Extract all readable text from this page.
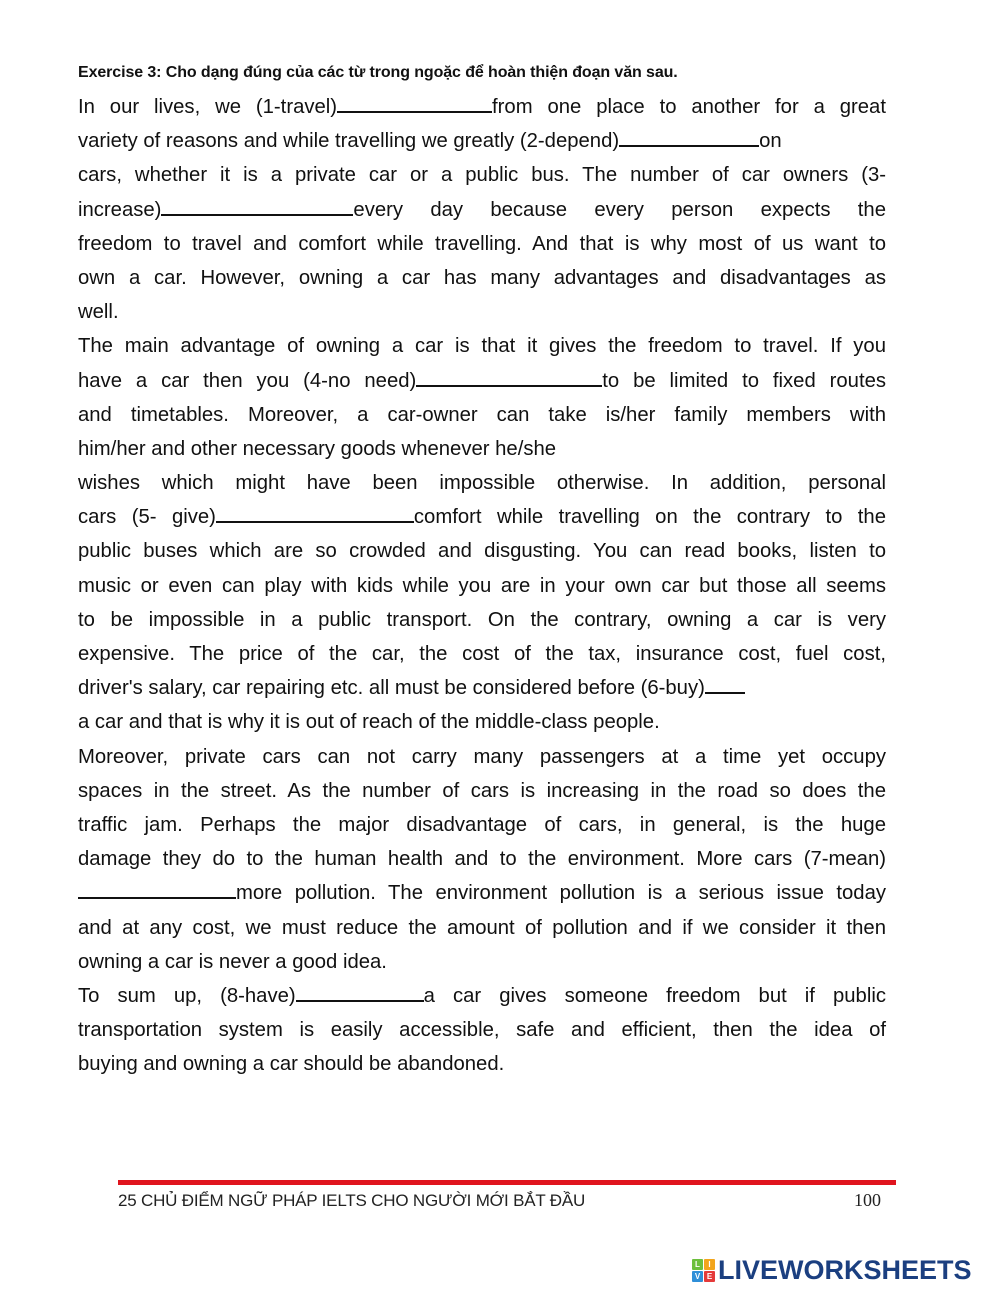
Exercise 3: Cho dạng đúng của các từ trong ngoặc để hoàn thiện đoạn văn sau.
In our lives, we (1-travel)	from one place to another for a great
variety of reasons and while travelling we greatly (2-depend)	on
cars, whether it is a private car or a public bus. The number of car owners (3-
increase)	every day because every person expects the
freedom to travel and comfort while travelling. And that is why most of us want to
own a car. However, owning a car has many advantages and disadvantages as
well.
The main advantage of owning a car is that it gives the freedom to travel. If you
have a car then you (4-no need)	to be limited to fixed routes
and timetables. Moreover, a car-owner can take is/her family members with
him/her and other necessary goods whenever he/she
wishes which might have been impossible otherwise. In addition, personal
cars (5- give)	comfort while travelling on the contrary to the
public buses which are so crowded and disgusting. You can read books, listen to
music or even can play with kids while you are in your own car but those all seems
to be impossible in a public transport. On the contrary, owning a car is very
expensive. The price of the car, the cost of the tax, insurance cost, fuel cost,
driver's salary, car repairing etc. all must be considered before (6-buy)
a car and that is why it is out of reach of the middle-class people.
Moreover, private cars can not carry many passengers at a time yet occupy
spaces in the street. As the number of cars is increasing in the road so does the
traffic jam. Perhaps the major disadvantage of cars, in general, is the huge
damage they do to the human health and to the environment. More cars (7-mean)
more pollution. The environment pollution is a serious issue today
and at any cost, we must reduce the amount of pollution and if we consider it then
owning a car is never a good idea.
To sum up, (8-have)	a car gives someone freedom but if public
transportation system is easily accessible, safe and efficient, then the idea of
buying and owning a car should be abandoned.
25 CHỦ ĐIỂM NGỮ PHÁP IELTS CHO NGƯỜI MỚI BẮT ĐẦU	100
L	I
V E LIVEWORKSHEETS
